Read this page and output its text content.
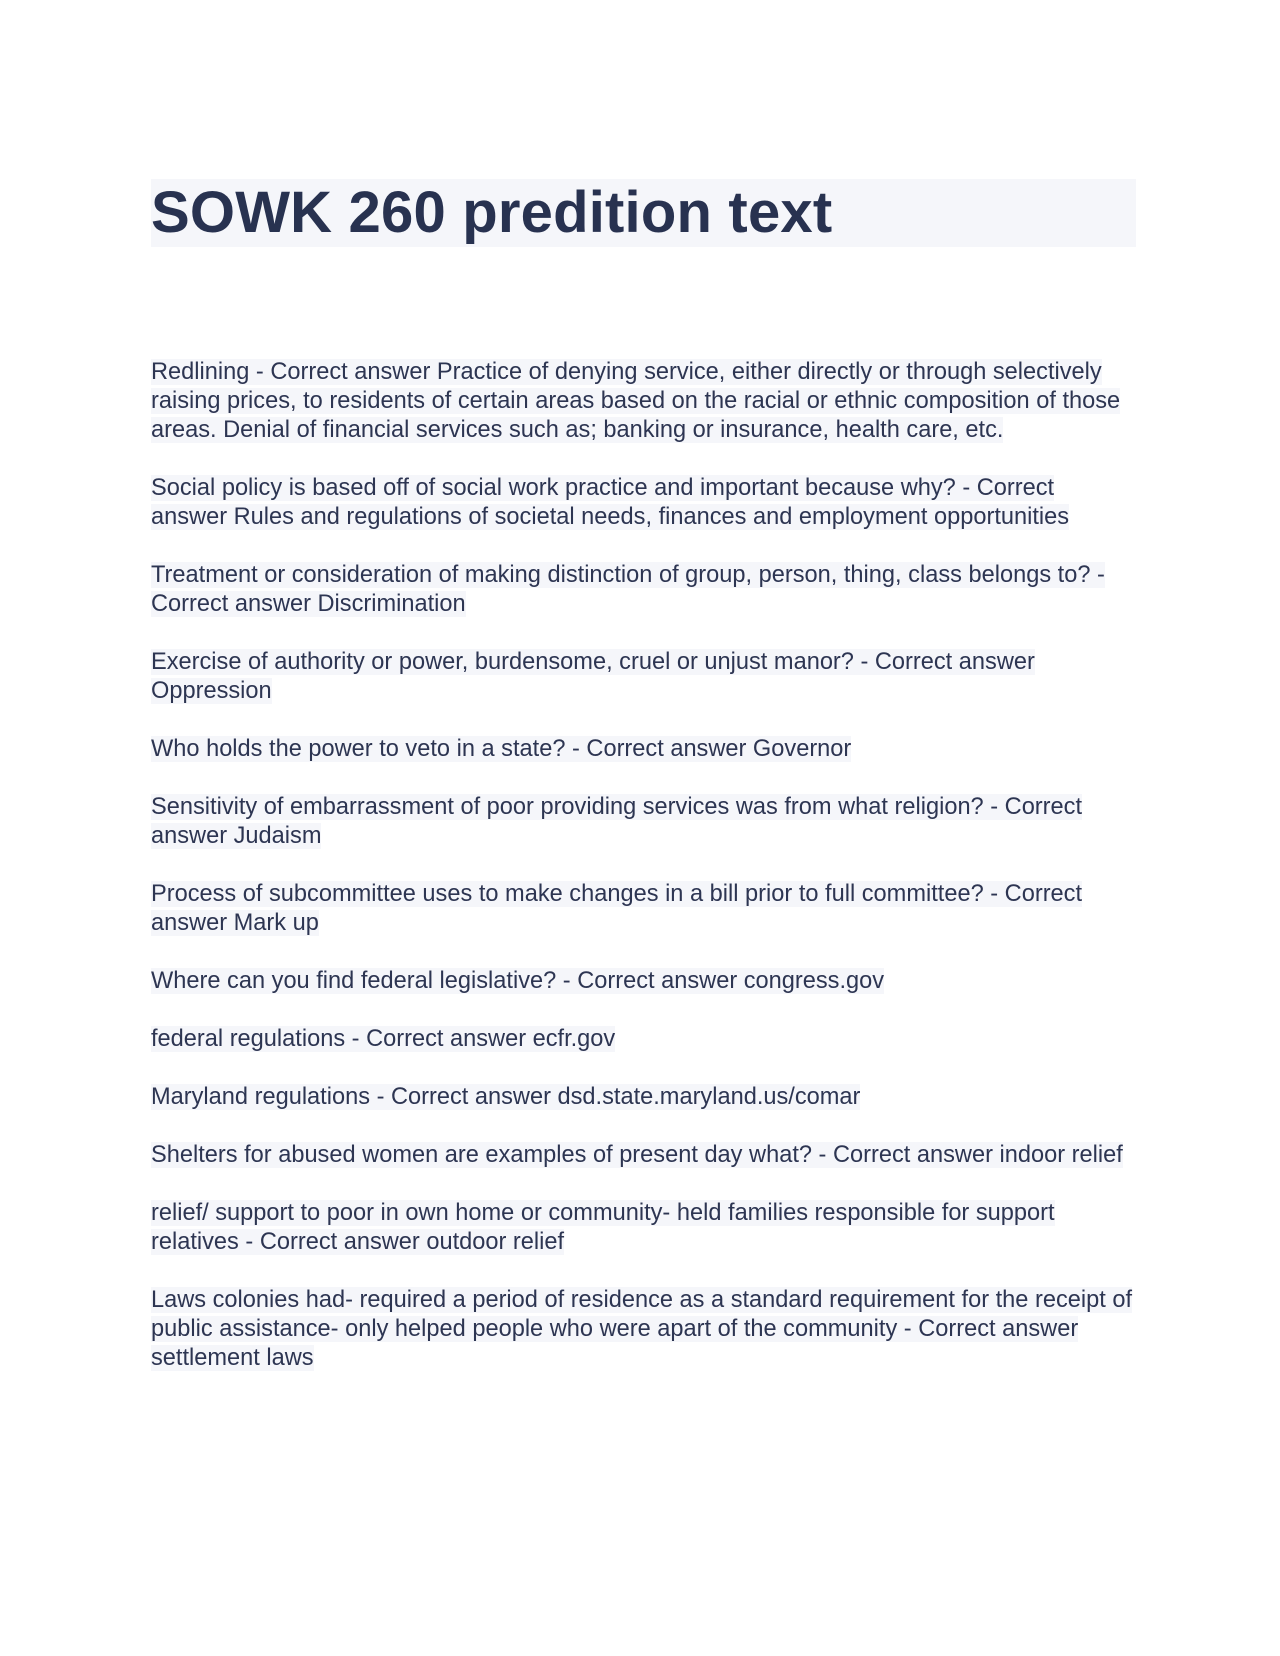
SOWK 260 predition text

Redlining - Correct answer Practice of denying service, either directly or through selectively raising prices, to residents of certain areas based on the racial or ethnic composition of those areas. Denial of financial services such as; banking or insurance, health care, etc.

Social policy is based off of social work practice and important because why? - Correct answer Rules and regulations of societal needs, finances and employment opportunities

Treatment or consideration of making distinction of group, person, thing, class belongs to? - Correct answer Discrimination

Exercise of authority or power, burdensome, cruel or unjust manor? - Correct answer Oppression

Who holds the power to veto in a state? - Correct answer Governor

Sensitivity of embarrassment of poor providing services was from what religion? - Correct answer Judaism

Process of subcommittee uses to make changes in a bill prior to full committee? - Correct answer Mark up

Where can you find federal legislative? - Correct answer congress.gov

federal regulations - Correct answer ecfr.gov

Maryland regulations - Correct answer dsd.state.maryland.us/comar

Shelters for abused women are examples of present day what? - Correct answer indoor relief

relief/ support to poor in own home or community- held families responsible for support relatives - Correct answer outdoor relief

Laws colonies had- required a period of residence as a standard requirement for the receipt of public assistance- only helped people who were apart of the community - Correct answer settlement laws
